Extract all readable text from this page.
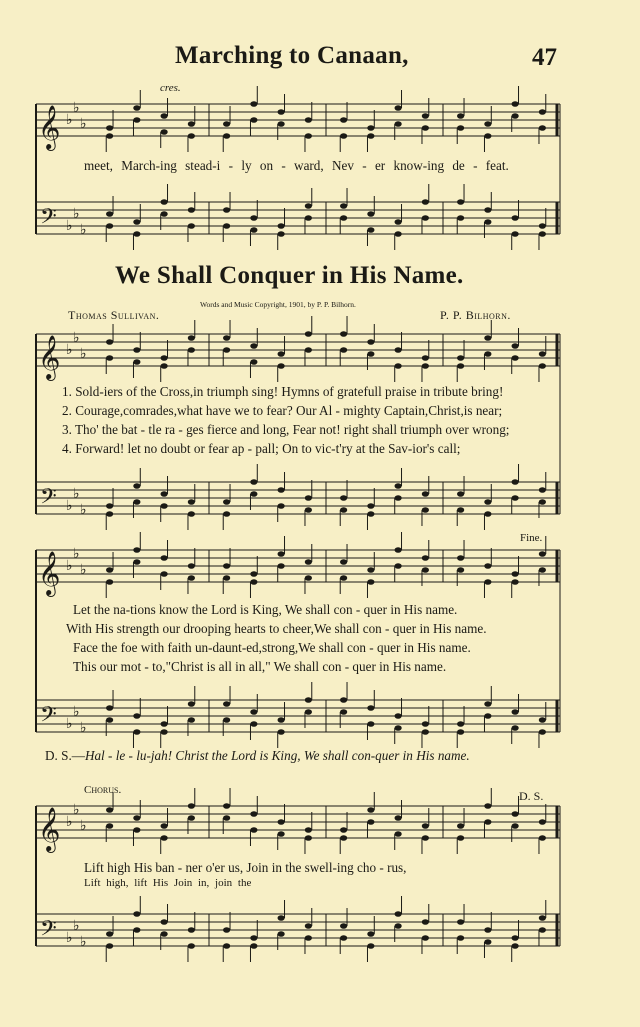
Marching to Canaan,	47
cres.
meet, March-ing stead-i - ly on - ward, Nev - er know-ing de - feat.
We Shall Conquer in His Name.
Words and Music Copyright, 1901, by P. P. Bilhorn.
Thomas Sullivan.	P. P. Bilhorn.
1. Sold-iers of the Cross,in triumph sing! Hymns of gratefull praise in tribute bring!
2. Courage,comrades,what have we to fear? Our Al - mighty Captain,Christ,is near;
3. Tho' the bat - tle ra - ges fierce and long, Fear not! right shall triumph over wrong;
4. Forward! let no doubt or fear ap - pall; On to vic-t'ry at the Sav-ior's call;
Fine.
Let the na-tions know the Lord is King, We shall con - quer in His name.
With His strength our drooping hearts to cheer,We shall con - quer in His name.
Face the foe with faith un-daunt-ed,strong,We shall con - quer in His name.
This our mot - to,"Christ is all in all," We shall con - quer in His name.
D. S.—Hal - le - lu-jah! Christ the Lord is King, We shall con-quer in His name.
Chorus.	D. S.
Lift high His ban - ner o'er us, Join in the swell-ing cho - rus,
Lift high, lift His Join in, join the
𝄞
𝄢
♭
♭
♭
♭
♭
♭
𝄞
𝄢
♭
♭
♭
♭
♭
♭
𝄞
𝄢
♭
♭
♭
♭
♭
♭
𝄞
𝄢
♭
♭
♭
♭
♭
♭
